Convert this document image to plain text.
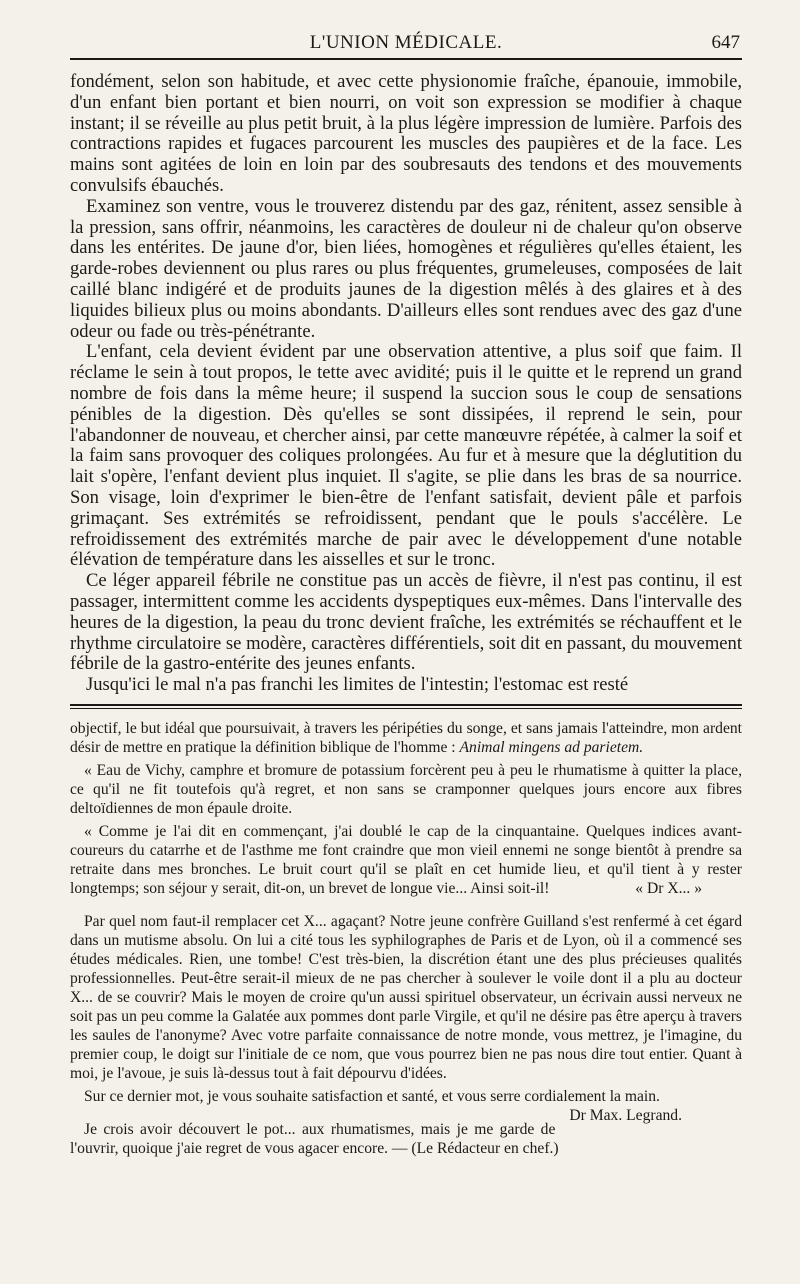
L'UNION MÉDICALE.	647

fondément, selon son habitude, et avec cette physionomie fraîche, épanouie, immobile, d'un enfant bien portant et bien nourri, on voit son expression se modifier à chaque instant; il se réveille au plus petit bruit, à la plus légère impression de lumière. Parfois des contractions rapides et fugaces parcourent les muscles des paupières et de la face. Les mains sont agitées de loin en loin par des soubresauts des tendons et des mouvements convulsifs ébauchés.

Examinez son ventre, vous le trouverez distendu par des gaz, rénitent, assez sensible à la pression, sans offrir, néanmoins, les caractères de douleur ni de chaleur qu'on observe dans les entérites. De jaune d'or, bien liées, homogènes et régulières qu'elles étaient, les garde-robes deviennent ou plus rares ou plus fréquentes, grumeleuses, composées de lait caillé blanc indigéré et de produits jaunes de la digestion mêlés à des glaires et à des liquides bilieux plus ou moins abondants. D'ailleurs elles sont rendues avec des gaz d'une odeur ou fade ou très-pénétrante.

L'enfant, cela devient évident par une observation attentive, a plus soif que faim. Il réclame le sein à tout propos, le tette avec avidité; puis il le quitte et le reprend un grand nombre de fois dans la même heure; il suspend la succion sous le coup de sensations pénibles de la digestion. Dès qu'elles se sont dissipées, il reprend le sein, pour l'abandonner de nouveau, et chercher ainsi, par cette manœuvre répétée, à calmer la soif et la faim sans provoquer des coliques prolongées. Au fur et à mesure que la déglutition du lait s'opère, l'enfant devient plus inquiet. Il s'agite, se plie dans les bras de sa nourrice. Son visage, loin d'exprimer le bien-être de l'enfant satisfait, devient pâle et parfois grimaçant. Ses extrémités se refroidissent, pendant que le pouls s'accélère. Le refroidissement des extrémités marche de pair avec le développement d'une notable élévation de température dans les aisselles et sur le tronc.

Ce léger appareil fébrile ne constitue pas un accès de fièvre, il n'est pas continu, il est passager, intermittent comme les accidents dyspeptiques eux-mêmes. Dans l'intervalle des heures de la digestion, la peau du tronc devient fraîche, les extrémités se réchauffent et le rhythme circulatoire se modère, caractères différentiels, soit dit en passant, du mouvement fébrile de la gastro-entérite des jeunes enfants.

Jusqu'ici le mal n'a pas franchi les limites de l'intestin; l'estomac est resté

objectif, le but idéal que poursuivait, à travers les péripéties du songe, et sans jamais l'atteindre, mon ardent désir de mettre en pratique la définition biblique de l'homme : Animal mingens ad parietem.

« Eau de Vichy, camphre et bromure de potassium forcèrent peu à peu le rhumatisme à quitter la place, ce qu'il ne fit toutefois qu'à regret, et non sans se cramponner quelques jours encore aux fibres deltoïdiennes de mon épaule droite.

« Comme je l'ai dit en commençant, j'ai doublé le cap de la cinquantaine. Quelques indices avant-coureurs du catarrhe et de l'asthme me font craindre que mon vieil ennemi ne songe bientôt à prendre sa retraite dans mes bronches. Le bruit court qu'il se plaît en cet humide lieu, et qu'il tient à y rester longtemps; son séjour y serait, dit-on, un brevet de longue vie... Ainsi soit-il!	« Dr X... »

Par quel nom faut-il remplacer cet X... agaçant? Notre jeune confrère Guilland s'est renfermé à cet égard dans un mutisme absolu. On lui a cité tous les syphilographes de Paris et de Lyon, où il a commencé ses études médicales. Rien, une tombe! C'est très-bien, la discrétion étant une des plus précieuses qualités professionnelles. Peut-être serait-il mieux de ne pas chercher à soulever le voile dont il a plu au docteur X... de se couvrir? Mais le moyen de croire qu'un aussi spirituel observateur, un écrivain aussi nerveux ne soit pas un peu comme la Galatée aux pommes dont parle Virgile, et qu'il ne désire pas être aperçu à travers les saules de l'anonyme? Avec votre parfaite connaissance de notre monde, vous mettrez, je l'imagine, du premier coup, le doigt sur l'initiale de ce nom, que vous pourrez bien ne pas nous dire tout entier. Quant à moi, je l'avoue, je suis là-dessus tout à fait dépourvu d'idées.

Sur ce dernier mot, je vous souhaite satisfaction et santé, et vous serre cordialement la main.
Dr Max. Legrand.

Je crois avoir découvert le pot... aux rhumatismes, mais je me garde de l'ouvrir, quoique j'aie regret de vous agacer encore. — (Le Rédacteur en chef.)
